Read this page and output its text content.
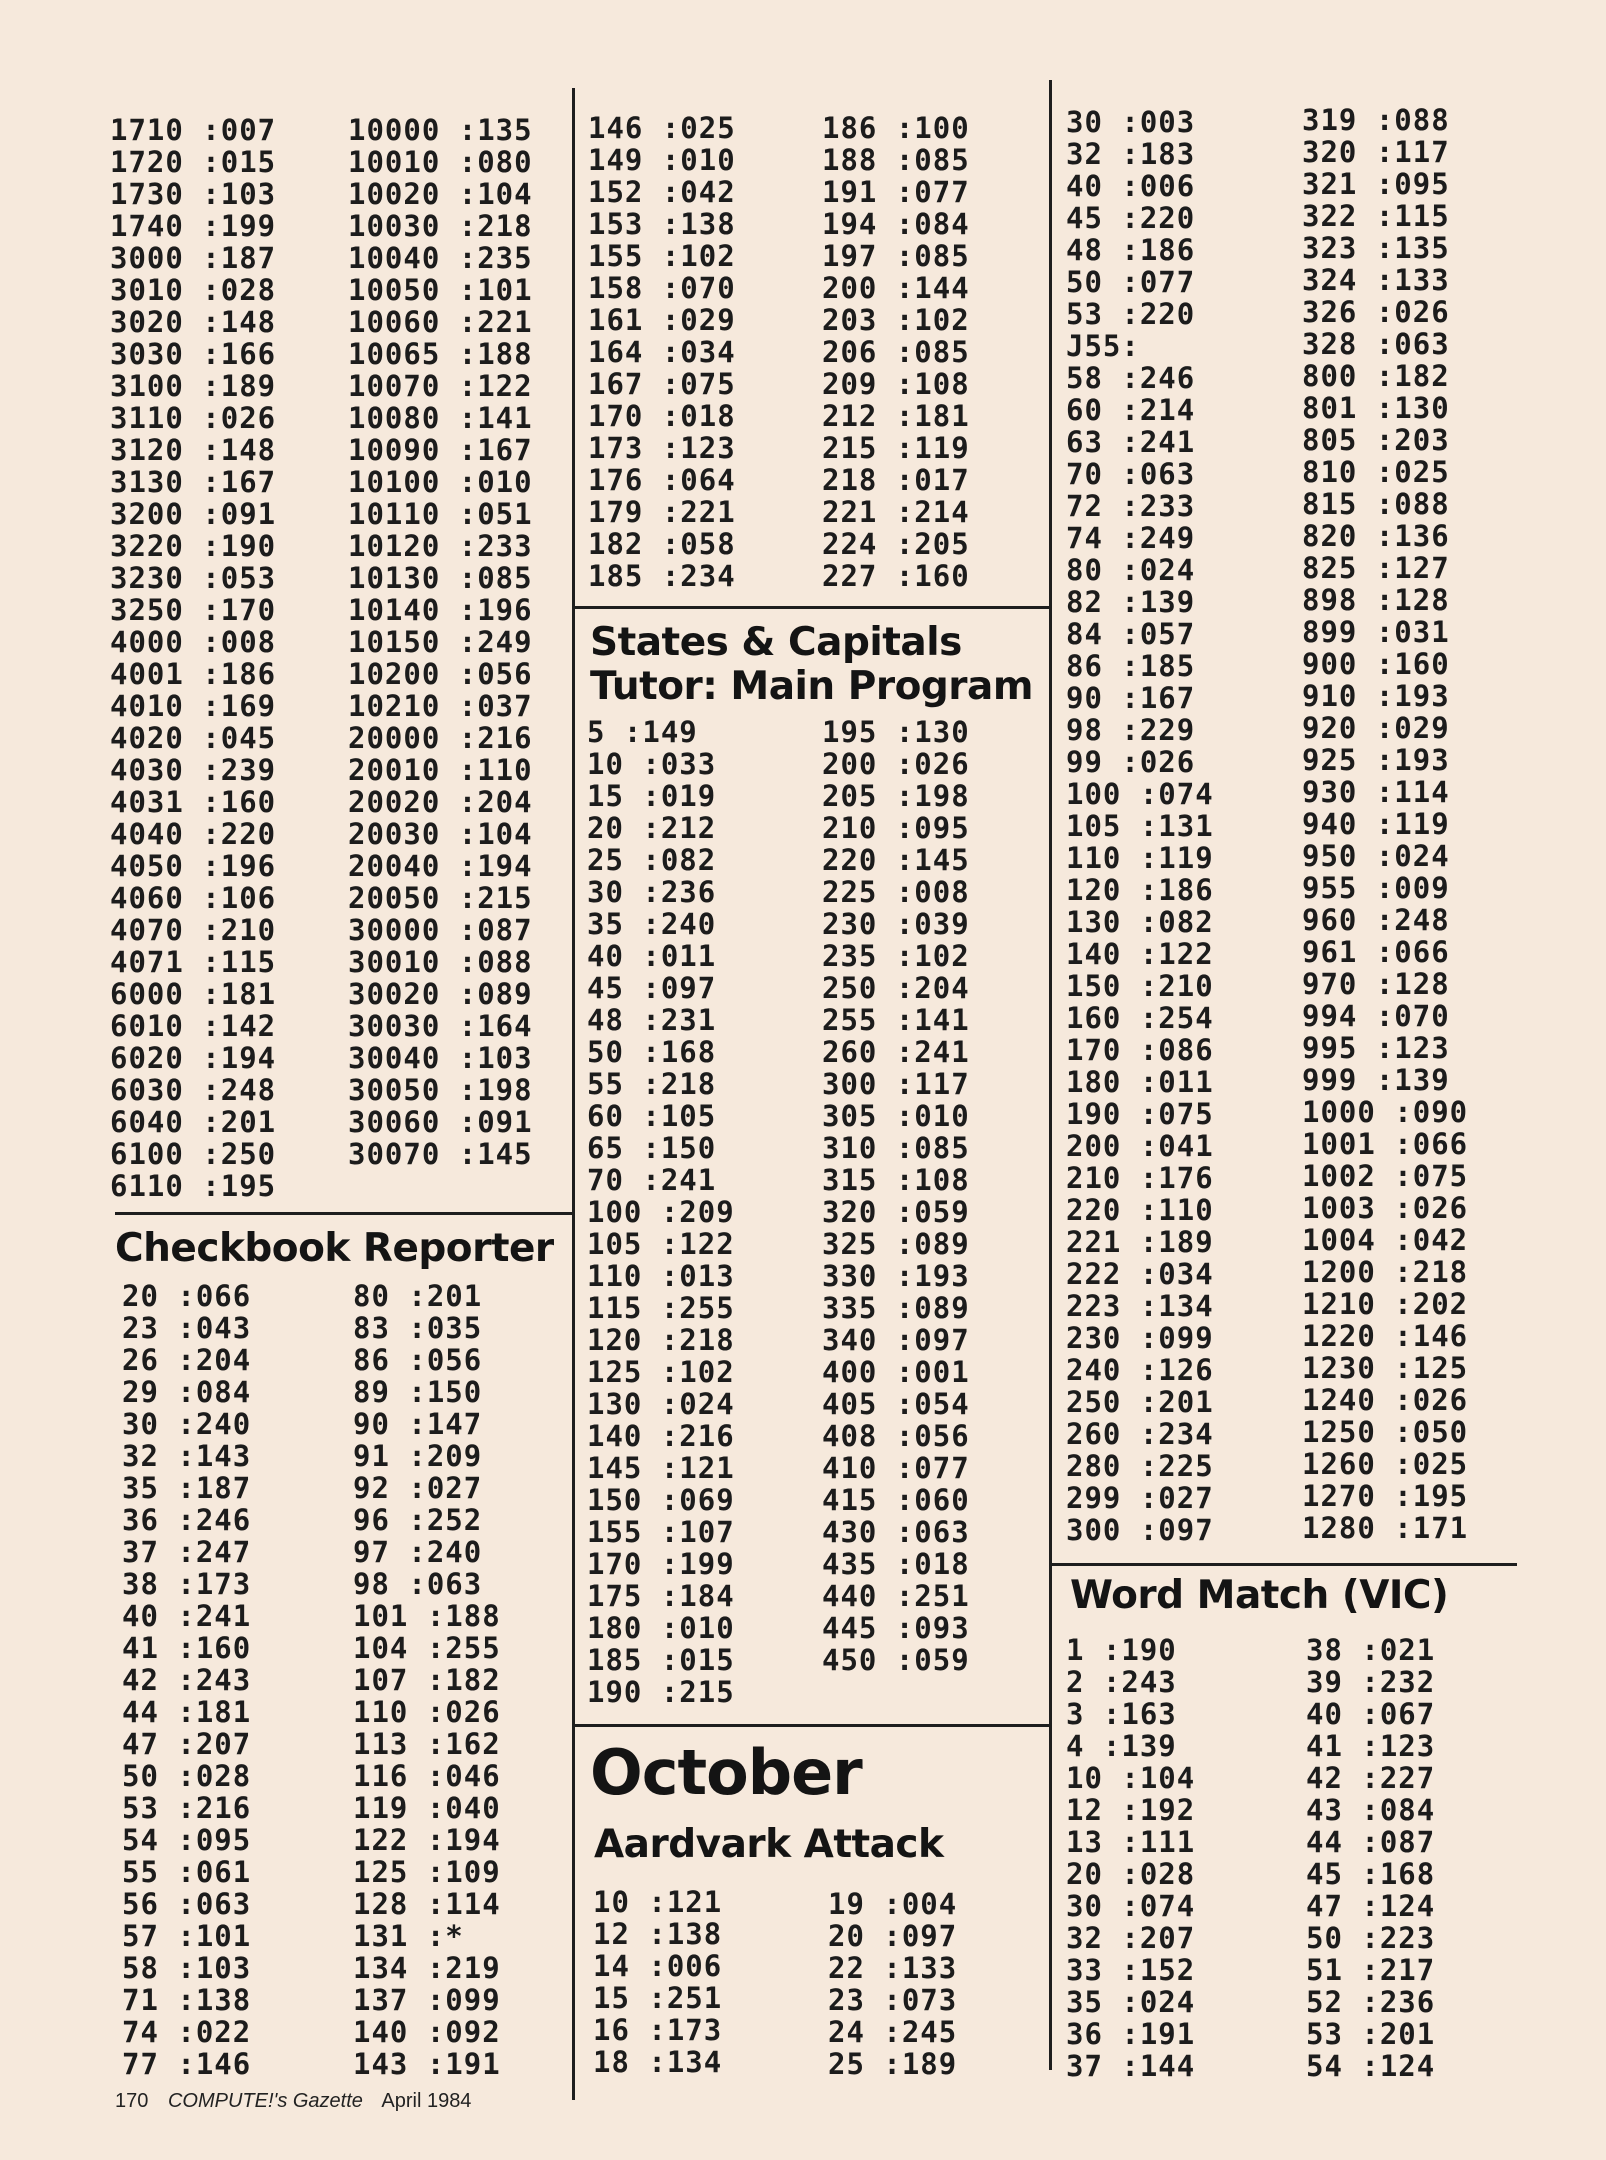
1710 :007
1720 :015
1730 :103
1740 :199
3000 :187
3010 :028
3020 :148
3030 :166
3100 :189
3110 :026
3120 :148
3130 :167
3200 :091
3220 :190
3230 :053
3250 :170
4000 :008
4001 :186
4010 :169
4020 :045
4030 :239
4031 :160
4040 :220
4050 :196
4060 :106
4070 :210
4071 :115
6000 :181
6010 :142
6020 :194
6030 :248
6040 :201
6100 :250
6110 :195
10000 :135
10010 :080
10020 :104
10030 :218
10040 :235
10050 :101
10060 :221
10065 :188
10070 :122
10080 :141
10090 :167
10100 :010
10110 :051
10120 :233
10130 :085
10140 :196
10150 :249
10200 :056
10210 :037
20000 :216
20010 :110
20020 :204
20030 :104
20040 :194
20050 :215
30000 :087
30010 :088
30020 :089
30030 :164
30040 :103
30050 :198
30060 :091
30070 :145
Checkbook Reporter
20 :066
23 :043
26 :204
29 :084
30 :240
32 :143
35 :187
36 :246
37 :247
38 :173
40 :241
41 :160
42 :243
44 :181
47 :207
50 :028
53 :216
54 :095
55 :061
56 :063
57 :101
58 :103
71 :138
74 :022
77 :146
80 :201
83 :035
86 :056
89 :150
90 :147
91 :209
92 :027
96 :252
97 :240
98 :063
101 :188
104 :255
107 :182
110 :026
113 :162
116 :046
119 :040
122 :194
125 :109
128 :114
131 :*
134 :219
137 :099
140 :092
143 :191
146 :025
149 :010
152 :042
153 :138
155 :102
158 :070
161 :029
164 :034
167 :075
170 :018
173 :123
176 :064
179 :221
182 :058
185 :234
186 :100
188 :085
191 :077
194 :084
197 :085
200 :144
203 :102
206 :085
209 :108
212 :181
215 :119
218 :017
221 :214
224 :205
227 :160
States & Capitals
Tutor: Main Program
5 :149
10 :033
15 :019
20 :212
25 :082
30 :236
35 :240
40 :011
45 :097
48 :231
50 :168
55 :218
60 :105
65 :150
70 :241
100 :209
105 :122
110 :013
115 :255
120 :218
125 :102
130 :024
140 :216
145 :121
150 :069
155 :107
170 :199
175 :184
180 :010
185 :015
190 :215
195 :130
200 :026
205 :198
210 :095
220 :145
225 :008
230 :039
235 :102
250 :204
255 :141
260 :241
300 :117
305 :010
310 :085
315 :108
320 :059
325 :089
330 :193
335 :089
340 :097
400 :001
405 :054
408 :056
410 :077
415 :060
430 :063
435 :018
440 :251
445 :093
450 :059
October
Aardvark Attack
10 :121
12 :138
14 :006
15 :251
16 :173
18 :134
19 :004
20 :097
22 :133
23 :073
24 :245
25 :189
30 :003
32 :183
40 :006
45 :220
48 :186
50 :077
53 :220
J55:
58 :246
60 :214
63 :241
70 :063
72 :233
74 :249
80 :024
82 :139
84 :057
86 :185
90 :167
98 :229
99 :026
100 :074
105 :131
110 :119
120 :186
130 :082
140 :122
150 :210
160 :254
170 :086
180 :011
190 :075
200 :041
210 :176
220 :110
221 :189
222 :034
223 :134
230 :099
240 :126
250 :201
260 :234
280 :225
299 :027
300 :097
319 :088
320 :117
321 :095
322 :115
323 :135
324 :133
326 :026
328 :063
800 :182
801 :130
805 :203
810 :025
815 :088
820 :136
825 :127
898 :128
899 :031
900 :160
910 :193
920 :029
925 :193
930 :114
940 :119
950 :024
955 :009
960 :248
961 :066
970 :128
994 :070
995 :123
999 :139
1000 :090
1001 :066
1002 :075
1003 :026
1004 :042
1200 :218
1210 :202
1220 :146
1230 :125
1240 :026
1250 :050
1260 :025
1270 :195
1280 :171
Word Match (VIC)
1 :190
2 :243
3 :163
4 :139
10 :104
12 :192
13 :111
20 :028
30 :074
32 :207
33 :152
35 :024
36 :191
37 :144
38 :021
39 :232
40 :067
41 :123
42 :227
43 :084
44 :087
45 :168
47 :124
50 :223
51 :217
52 :236
53 :201
54 :124
170 COMPUTE!'s Gazette April 1984
